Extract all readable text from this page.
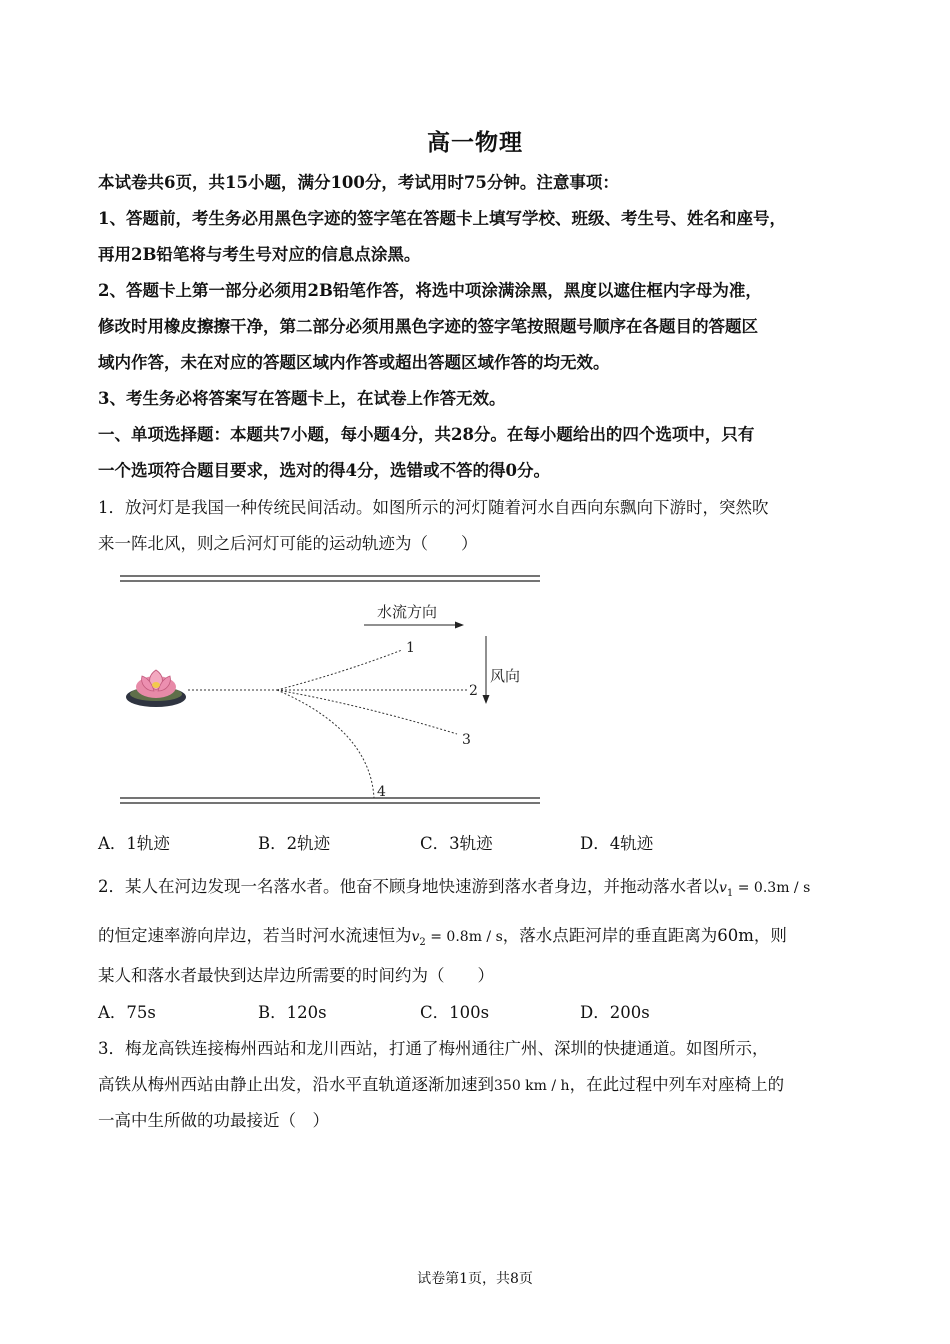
高一物理
本试卷共6页，共15小题，满分100分，考试用时75分钟。注意事项：
1、答题前，考生务必用黑色字迹的签字笔在答题卡上填写学校、班级、考生号、姓名和座号，
再用2B铅笔将与考生号对应的信息点涂黑。
2、答题卡上第一部分必须用2B铅笔作答，将选中项涂满涂黑，黑度以遮住框内字母为准，
修改时用橡皮擦擦干净，第二部分必须用黑色字迹的签字笔按照题号顺序在各题目的答题区
域内作答，未在对应的答题区域内作答或超出答题区域作答的均无效。
3、考生务必将答案写在答题卡上，在试卷上作答无效。
一、单项选择题：本题共7小题，每小题4分，共28分。在每小题给出的四个选项中，只有
一个选项符合题目要求，选对的得4分，选错或不答的得0分。
1．放河灯是我国一种传统民间活动。如图所示的河灯随着河水自西向东飘向下游时，突然吹
来一阵北风，则之后河灯可能的运动轨迹为（　　）
水流方向
风向
1
2
3
4
A．1轨迹	B．2轨迹	C．3轨迹	D．4轨迹
2．某人在河边发现一名落水者。他奋不顾身地快速游到落水者身边，并拖动落水者以$v_1 = 0.3m / s$
的恒定速率游向岸边，若当时河水流速恒为$v_2 = 0.8m / s$，落水点距河岸的垂直距离为60m，则
某人和落水者最快到达岸边所需要的时间约为（　　）
A．75s	B．120s	C．100s	D．200s
3．梅龙高铁连接梅州西站和龙川西站，打通了梅州通往广州、深圳的快捷通道。如图所示，
高铁从梅州西站由静止出发，沿水平直轨道逐渐加速到350 km / h，在此过程中列车对座椅上的
一高中生所做的功最接近（　）
试卷第1页，共8页
